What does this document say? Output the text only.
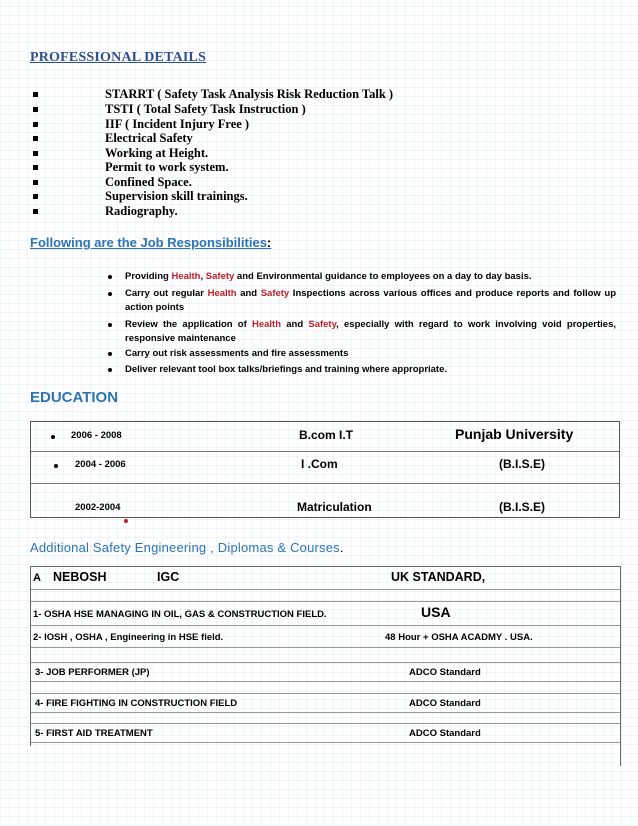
PROFESSIONAL DETAILS
STARRT ( Safety Task Analysis Risk Reduction Talk )
TSTI ( Total Safety Task Instruction )
IIF ( Incident Injury Free )
Electrical Safety
Working at Height.
Permit to work system.
Confined Space.
Supervision skill trainings.
Radiography.
Following are the Job Responsibilities:
Providing Health, Safety and Environmental guidance to employees on a day to day basis.
Carry out regular Health and Safety Inspections across various offices and produce reports and follow up action points
Review the application of Health and Safety, especially with regard to work involving void properties, responsive maintenance
Carry out risk assessments and fire assessments
Deliver relevant tool box talks/briefings and training where appropriate.
EDUCATION
2006 - 2008	B.com I.T	Punjab University
2004 - 2006	I .Com	(B.I.S.E)
2002-2004	Matriculation	(B.I.S.E)
Additional Safety Engineering , Diplomas & Courses.
A NEBOSH	IGC	UK STANDARD,
1- OSHA HSE MANAGING IN OIL, GAS & CONSTRUCTION FIELD.	USA
2- IOSH , OSHA , Engineering in HSE field.	48 Hour + OSHA ACADMY . USA.
3- JOB PERFORMER (JP)	ADCO Standard
4- FIRE FIGHTING IN CONSTRUCTION FIELD	ADCO Standard
5- FIRST AID TREATMENT	ADCO Standard
